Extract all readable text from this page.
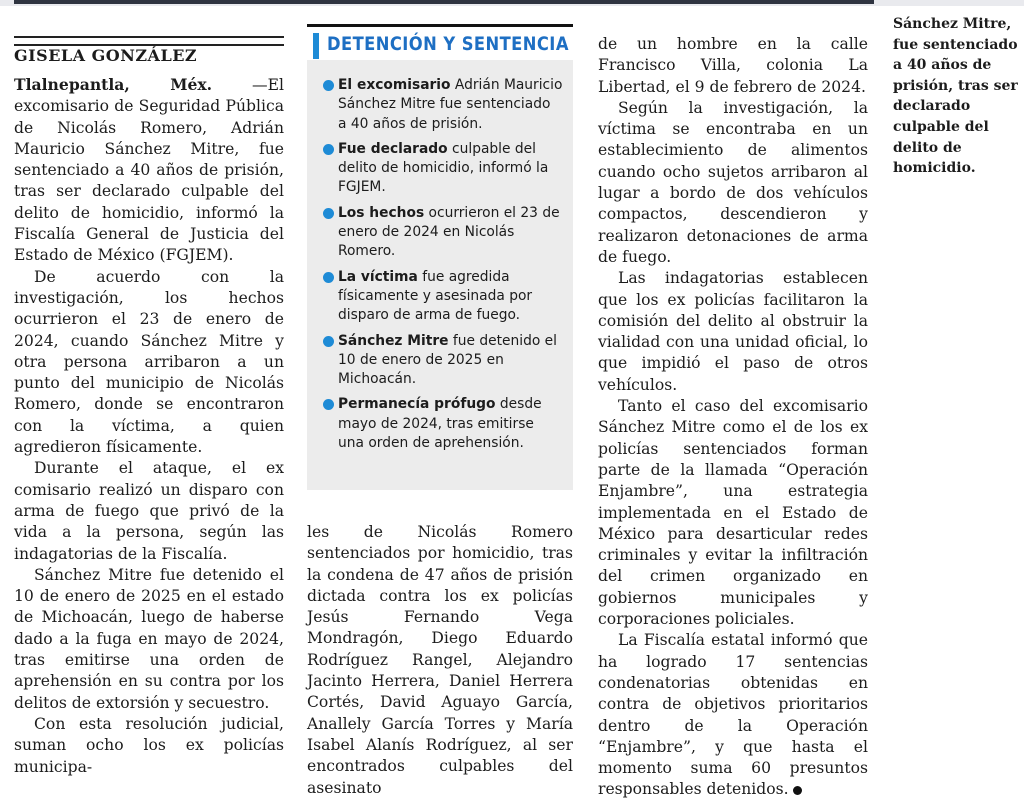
GISELA GONZÁLEZ

Tlalnepantla, Méx.	—El excomisario de Seguridad Pública de Nicolás Romero, Adrián Mauricio Sánchez Mitre, fue sentenciado a 40 años de prisión, tras ser declarado culpable del delito de homicidio, informó la Fiscalía General de Justicia del Estado de México (FGJEM).

De acuerdo con la investigación, los hechos ocurrieron el 23 de enero de 2024, cuando Sánchez Mitre y otra persona arribaron a un punto del municipio de Nicolás Romero, donde se encontraron con la víctima, a quien agredieron físicamente.

Durante el ataque, el ex comisario realizó un disparo con arma de fuego que privó de la vida a la persona, según las indagatorias de la Fiscalía.

Sánchez Mitre fue detenido el 10 de enero de 2025 en el estado de Michoacán, luego de haberse dado a la fuga en mayo de 2024, tras emitirse una orden de aprehensión en su contra por los delitos de extorsión y secuestro.

Con esta resolución judicial, suman ocho los ex policías municipa-

DETENCIÓN Y SENTENCIA
El excomisario Adrián Mauricio Sánchez Mitre fue sentenciado a 40 años de prisión.
Fue declarado culpable del delito de homicidio, informó la FGJEM.
Los hechos ocurrieron el 23 de enero de 2024 en Nicolás Romero.
La víctima fue agredida físicamente y asesinada por disparo de arma de fuego.
Sánchez Mitre fue detenido el 10 de enero de 2025 en Michoacán.
Permanecía prófugo desde mayo de 2024, tras emitirse una orden de aprehensión.

les de Nicolás Romero sentenciados por homicidio, tras la condena de 47 años de prisión dictada contra los ex policías Jesús Fernando Vega Mondragón, Diego Eduardo Rodríguez Rangel, Alejandro Jacinto Herrera, Daniel Herrera Cortés, David Aguayo García, Anallely García Torres y María Isabel Alanís Rodríguez, al ser encontrados culpables del asesinato

de un hombre en la calle Francisco Villa, colonia La Libertad, el 9 de febrero de 2024.

Según la investigación, la víctima se encontraba en un establecimiento de alimentos cuando ocho sujetos arribaron al lugar a bordo de dos vehículos compactos, descendieron y realizaron detonaciones de arma de fuego.

Las indagatorias establecen que los ex policías facilitaron la comisión del delito al obstruir la vialidad con una unidad oficial, lo que impidió el paso de otros vehículos.

Tanto el caso del excomisario Sánchez Mitre como el de los ex policías sentenciados forman parte de la llamada “Operación Enjambre”, una estrategia implementada en el Estado de México para desarticular redes criminales y evitar la infiltración del crimen organizado en gobiernos municipales y corporaciones policiales.

La Fiscalía estatal informó que ha logrado 17 sentencias condenatorias obtenidas en contra de objetivos prioritarios dentro de la Operación “Enjambre”, y que hasta el momento suma 60 presuntos responsables detenidos.

Sánchez Mitre, fue sentenciado a 40 años de prisión, tras ser declarado culpable del delito de homicidio.
